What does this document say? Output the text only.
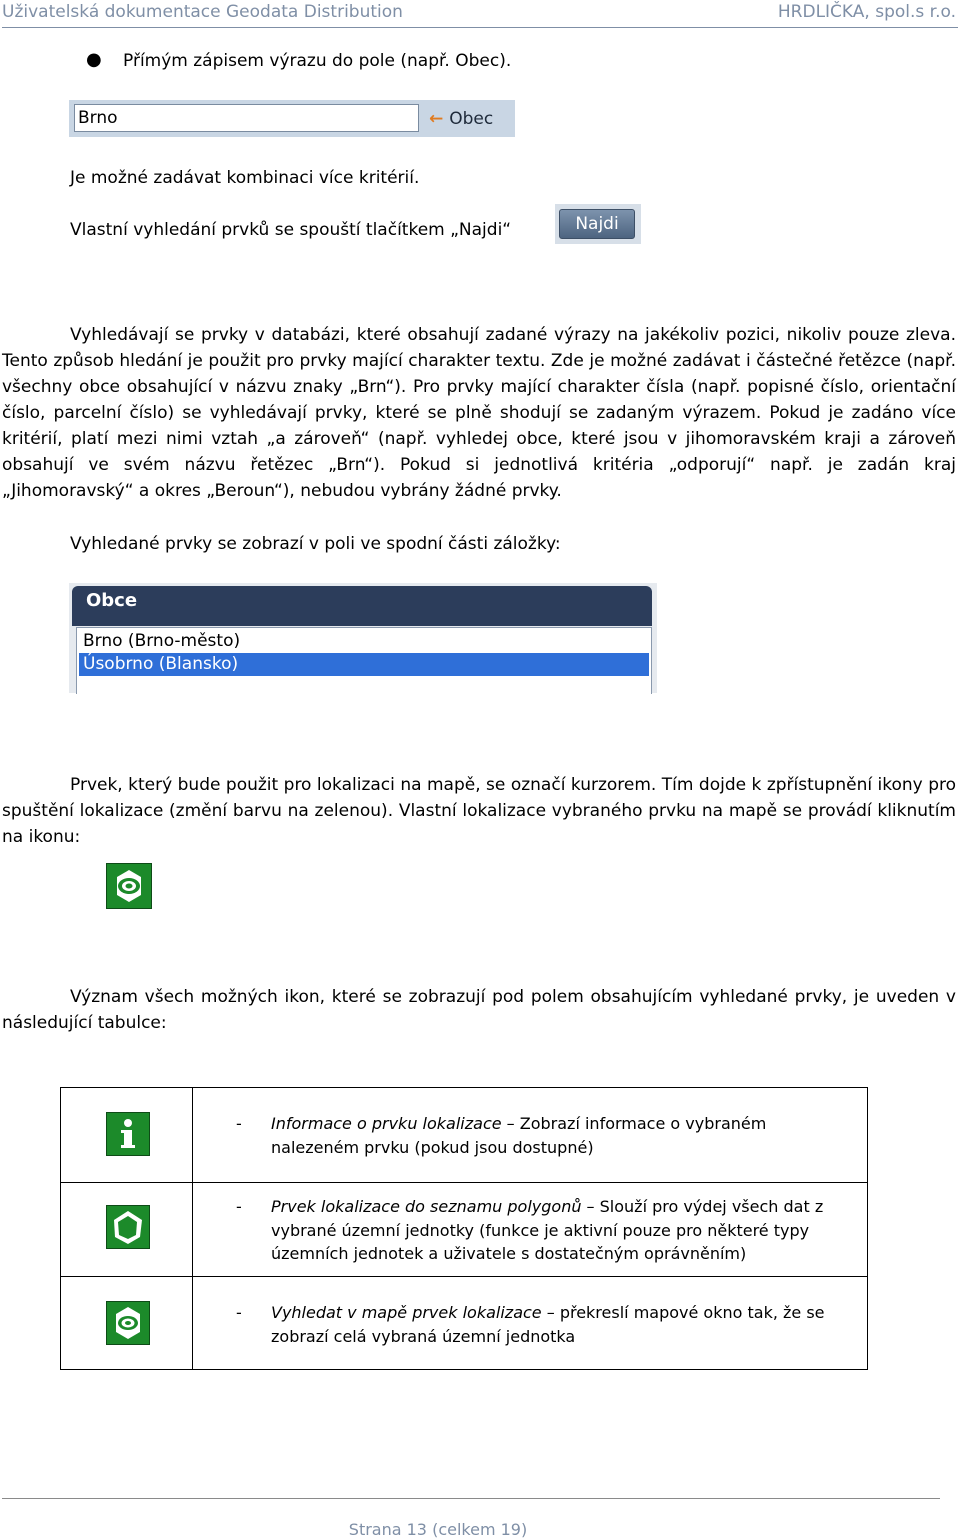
Uživatelská dokumentace Geodata Distribution	HRDLIČKA, spol.s r.o.
● Přímým zápisem výrazu do pole (např. Obec).
Brno	← Obec
Je možné zadávat kombinaci více kritérií.
Vlastní vyhledání prvků se spouští tlačítkem „Najdi“	Najdi
Vyhledávají se prvky v databázi, které obsahují zadané výrazy na jakékoliv pozici, nikoliv pouze zleva. Tento způsob hledání je použit pro prvky mající charakter textu. Zde je možné zadávat i částečné řetězce (např. všechny obce obsahující v názvu znaky „Brn“). Pro prvky mající charakter čísla (např. popisné číslo, orientační číslo, parcelní číslo) se vyhledávají prvky, které se plně shodují se zadaným výrazem. Pokud je zadáno více kritérií, platí mezi nimi vztah „a zároveň“ (např. vyhledej obce, které jsou v jihomoravském kraji a zároveň obsahují ve svém názvu řetězec „Brn“). Pokud si jednotlivá kritéria „odporují“ např. je zadán kraj „Jihomoravský“ a okres „Beroun“), nebudou vybrány žádné prvky.
Vyhledané prvky se zobrazí v poli ve spodní části záložky:
Obce
Brno (Brno-město)
Úsobrno (Blansko)
Prvek, který bude použit pro lokalizaci na mapě, se označí kurzorem. Tím dojde k zpřístupnění ikony pro spuštění lokalizace (změní barvu na zelenou). Vlastní lokalizace vybraného prvku na mapě se provádí kliknutím na ikonu:
Význam všech možných ikon, které se zobrazují pod polem obsahujícím vyhledané prvky, je uveden v následující tabulce:
-	Informace o prvku lokalizace – Zobrazí informace o vybraném nalezeném prvku (pokud jsou dostupné)
-	Prvek lokalizace do seznamu polygonů – Slouží pro výdej všech dat z vybrané územní jednotky (funkce je aktivní pouze pro některé typy územních jednotek a uživatele s dostatečným oprávněním)
-	Vyhledat v mapě prvek lokalizace – překreslí mapové okno tak, že se zobrazí celá vybraná územní jednotka
Strana 13 (celkem 19)
